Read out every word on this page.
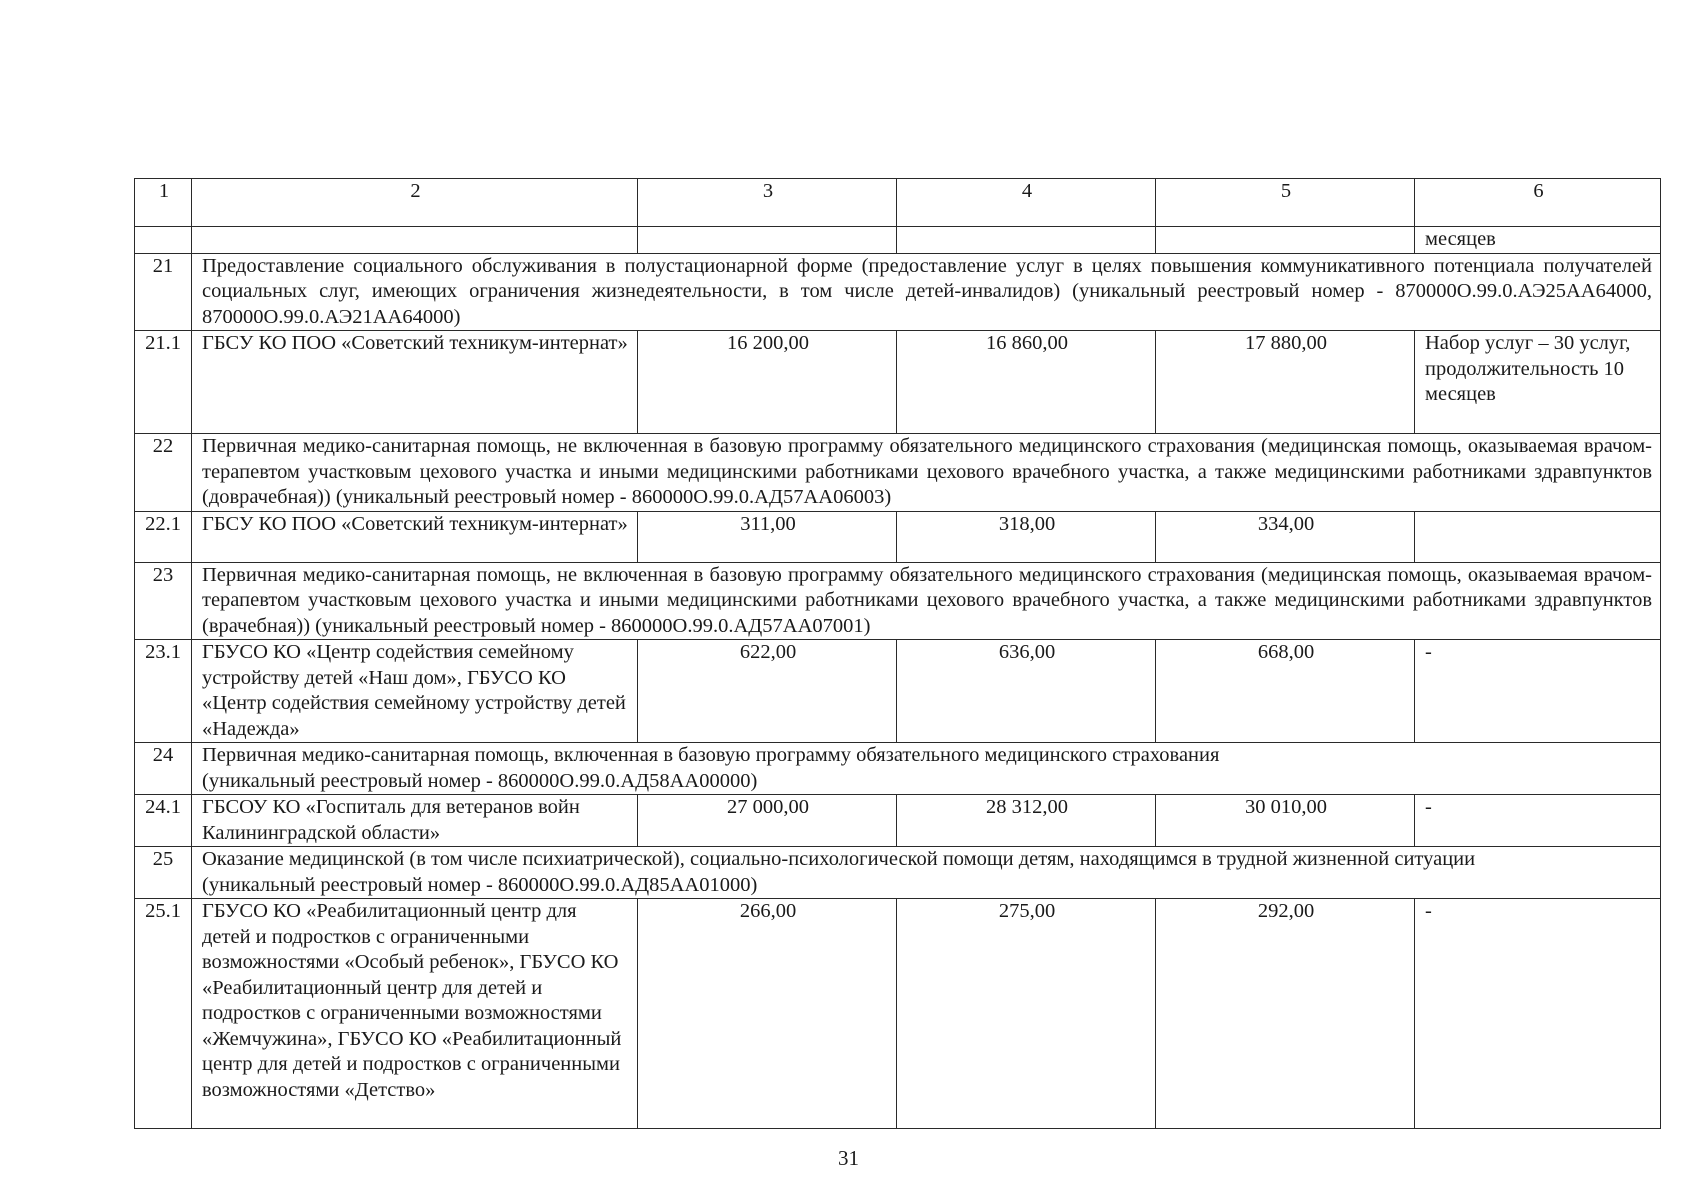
1	2	3	4	5	6
					месяцев
21	Предоставление социального обслуживания в полустационарной форме (предоставление услуг в целях повышения коммуникативного потенциала получателей социальных слуг, имеющих ограничения жизнедеятельности, в том числе детей-инвалидов) (уникальный реестровый номер - 870000О.99.0.АЭ25АА64000, 870000О.99.0.АЭ21АА64000)				
21.1	ГБСУ КО ПОО «Советский техникум-интернат»	16 200,00	16 860,00	17 880,00	Набор услуг – 30 услуг, продолжительность 10 месяцев
22	Первичная медико-санитарная помощь, не включенная в базовую программу обязательного медицинского страхования (медицинская помощь, оказываемая врачом-терапевтом участковым цехового участка и иными медицинскими работниками цехового врачебного участка, а также медицинскими работниками здравпунктов (доврачебная)) (уникальный реестровый номер - 860000О.99.0.АД57АА06003)				
22.1	ГБСУ КО ПОО «Советский техникум-интернат»	311,00	318,00	334,00	
23	Первичная медико-санитарная помощь, не включенная в базовую программу обязательного медицинского страхования (медицинская помощь, оказываемая врачом-терапевтом участковым цехового участка и иными медицинскими работниками цехового врачебного участка, а также медицинскими работниками здравпунктов (врачебная)) (уникальный реестровый номер - 860000О.99.0.АД57АА07001)				
23.1	ГБУСО КО «Центр содействия семейному устройству детей «Наш дом», ГБУСО КО «Центр содействия семейному устройству детей «Надежда»	622,00	636,00	668,00	-
24	Первичная медико-санитарная помощь, включенная в базовую программу обязательного медицинского страхования
(уникальный реестровый номер - 860000О.99.0.АД58АА00000)				

24.1	ГБСОУ КО «Госпиталь для ветеранов войн Калининградской области»	27 000,00	28 312,00	30 010,00	-
25	Оказание медицинской (в том числе психиатрической), социально-психологической помощи детям, находящимся в трудной жизненной ситуации
(уникальный реестровый номер - 860000О.99.0.АД85АА01000)				

25.1	ГБУСО КО «Реабилитационный центр для детей и подростков с ограниченными возможностями «Особый ребенок», ГБУСО КО «Реабилитационный центр для детей и подростков с ограниченными возможностями «Жемчужина», ГБУСО КО «Реабилитационный центр для детей и подростков с ограниченными возможностями «Детство»	266,00	275,00	292,00	-
31
